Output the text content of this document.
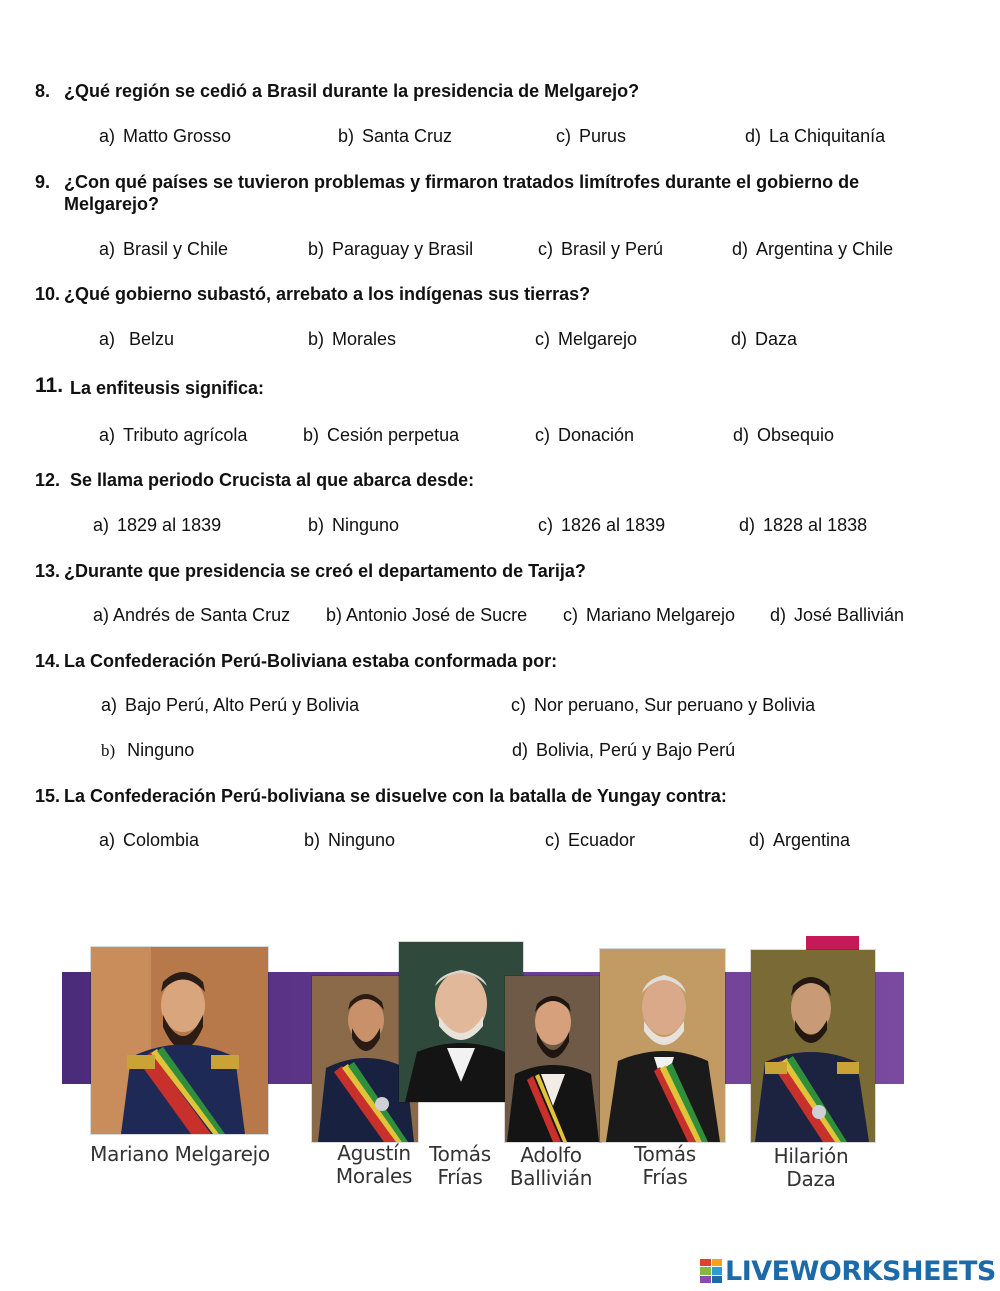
8. ¿Qué región se cedió a Brasil durante la presidencia de Melgarejo?
a) Matto Grosso	b) Santa Cruz	c) Purus	d) La Chiquitanía
9. ¿Con qué países se tuvieron problemas y firmaron tratados limítrofes durante el gobierno de Melgarejo?
a) Brasil y Chile	b) Paraguay y Brasil	c) Brasil y Perú	d) Argentina y Chile
10. ¿Qué gobierno subastó, arrebato a los indígenas sus tierras?
a) Belzu	b) Morales	c) Melgarejo	d) Daza
11. La enfiteusis significa:
a) Tributo agrícola	b) Cesión perpetua	c) Donación	d) Obsequio
12. Se llama periodo Crucista al que abarca desde:
a) 1829 al 1839	b) Ninguno	c) 1826 al 1839	d) 1828 al 1838
13. ¿Durante que presidencia se creó el departamento de Tarija?
a) Andrés de Santa Cruz b) Antonio José de Sucre c) Mariano Melgarejo d) José Ballivián
14. La Confederación Perú-Boliviana estaba conformada por:
a) Bajo Perú, Alto Perú y Bolivia	c) Nor peruano, Sur peruano y Bolivia
b) Ninguno	d) Bolivia, Perú y Bajo Perú
15. La Confederación Perú-boliviana se disuelve con la batalla de Yungay contra:
a) Colombia	b) Ninguno	c) Ecuador	d) Argentina
Mariano Melgarejo	Agustín Morales
Tomás Frías
Adolfo Ballivián
Tomás Frías
Hilarión Daza
LIVEWORKSHEETS
